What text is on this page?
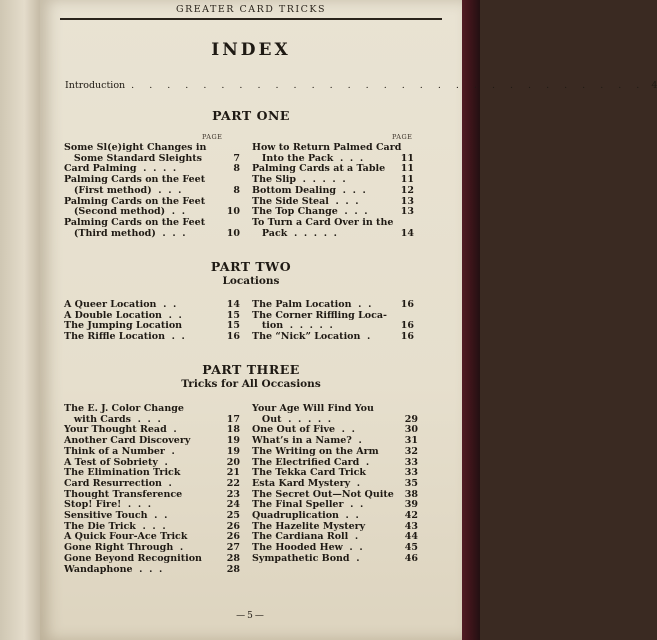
GREATER CARD TRICKS
INDEX
Introduction . . . . . . . . . . . . . . . . . . . . . . . . . . . . . 4
PART ONE
PAGE	PAGE
Some Sl(e)ight Changes in
Some Standard Sleights	7
Card Palming  .  .  .  .	8
Palming Cards on the Feet
(First method)  .  .  .	8
Palming Cards on the Feet
(Second method)  .  .	10
Palming Cards on the Feet
(Third method)  .  .  .	10
How to Return Palmed Card
Into the Pack  .  .  .	11
Palming Cards at a Table 11
The Slip  .  .  .  .  .	11
Bottom Dealing  .  .  .	12
The Side Steal  .  .  .	13
The Top Change  .  .  .	13
To Turn a Card Over in the
Pack  .  .  .  .  .	14
PART TWO
Locations
A Queer Location  .  .	14
A Double Location  .  .	15
The Jumping Location	15
The Riffle Location  .  .	16
The Palm Location  .  .	16
The Corner Riffling Loca-
tion  .  .  .  .  .	16
The “Nick” Location  .	16
PART THREE
Tricks for All Occasions
The E. J. Color Change
with Cards  .  .  .	17
Your Thought Read  .	18
Another Card Discovery	19
Think of a Number  .	19
A Test of Sobriety  .	20
The Elimination Trick	21
Card Resurrection  .	22
Thought Transference	23
Stop! Fire!  .  .  .	24
Sensitive Touch  .  .	25
The Die Trick  .  .  .	26
A Quick Four-Ace Trick	26
Gone Right Through  .	27
Gone Beyond Recognition	28
Wandaphone  .  .  .	28
Your Age Will Find You
Out  .  .  .  .  .	29
One Out of Five  .  .	30
What’s in a Name?  .	31
The Writing on the Arm	32
The Electrified Card  .	33
The Tekka Card Trick	33
Esta Kard Mystery  .	35
The Secret Out—Not Quite 38
The Final Speller  .  .	39
Quadruplication  .  .	42
The Hazelite Mystery	43
The Cardiana Roll  .	44
The Hooded Hew  .  .	45
Sympathetic Bond  .	46
—5—
